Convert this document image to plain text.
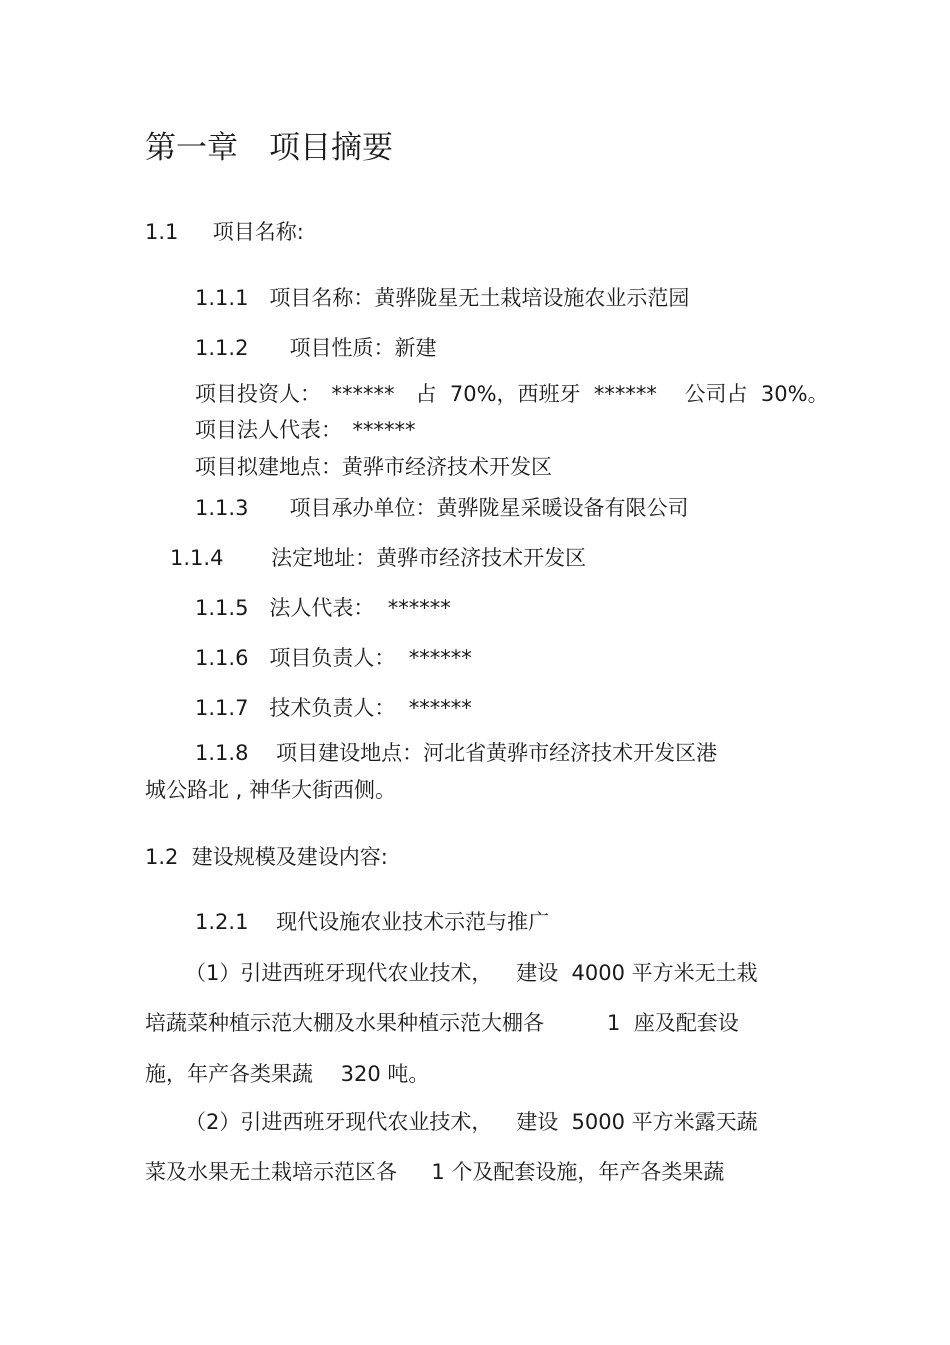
第一章　项目摘要
1.1　  项目名称:
1.1.1　项目名称：黄骅陇星无土栽培设施农业示范园
1.1.2　   项目性质：新建
项目投资人：　******　占  70%，西班牙  ******　 公司占  30%。
项目法人代表：　******
项目拟建地点：黄骅市经济技术开发区
1.1.3　   项目承办单位：黄骅陇星采暖设备有限公司
1.1.4　    法定地址：黄骅市经济技术开发区
1.1.5　法人代表：  ******
1.1.6　项目负责人：  ******
1.1.7　技术负责人：  ******
1.1.8　 项目建设地点：河北省黄骅市经济技术开发区港
城公路北 , 神华大街西侧。
1.2  建设规模及建设内容:
1.2.1　 现代设施农业技术示范与推广
（1）引进西班牙现代农业技术，　  建设  4000 平方米无土栽
培蔬菜种植示范大棚及水果种植示范大棚各　　　1  座及配套设
施，年产各类果蔬　 320 吨。
（2）引进西班牙现代农业技术，　  建设  5000 平方米露天蔬
菜及水果无土栽培示范区各　  1 个及配套设施，年产各类果蔬
